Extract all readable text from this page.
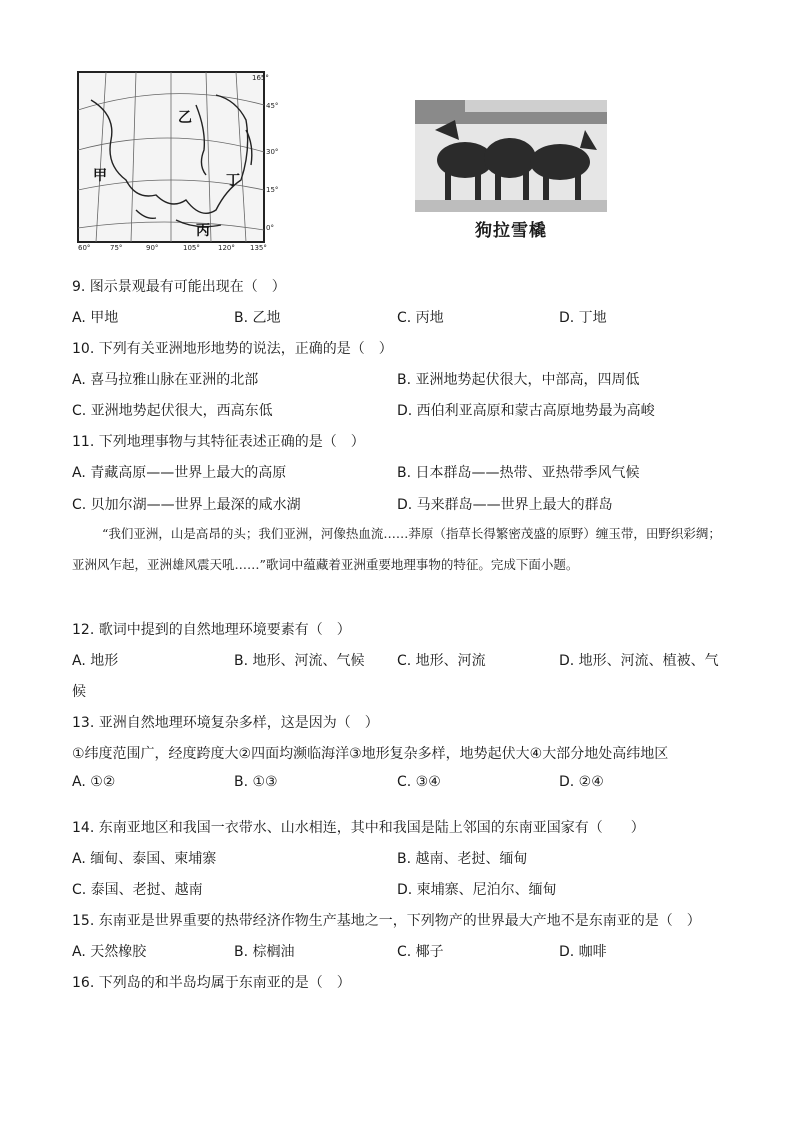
乙
甲
丙
丁
60°	75°	90°	105°	120° 135°
165°
45°
30°
15°
0°	狗拉雪橇
9. 图示景观最有可能出现在（　）
A. 甲地	B. 乙地	C. 丙地	D. 丁地
10. 下列有关亚洲地形地势的说法，正确的是（　）
A. 喜马拉雅山脉在亚洲的北部	B. 亚洲地势起伏很大，中部高，四周低
C. 亚洲地势起伏很大，西高东低	D. 西伯利亚高原和蒙古高原地势最为高峻
11. 下列地理事物与其特征表述正确的是（　）
A. 青藏高原——世界上最大的高原	B. 日本群岛——热带、亚热带季风气候
C. 贝加尔湖——世界上最深的咸水湖	D. 马来群岛——世界上最大的群岛
“我们亚洲，山是高昂的头；我们亚洲，河像热血流……莽原（指草长得繁密茂盛的原野）缠玉带，田野织彩绸；亚洲风乍起，亚洲雄风震天吼……”歌词中蕴藏着亚洲重要地理事物的特征。完成下面小题。
12. 歌词中提到的自然地理环境要素有（　）
A. 地形	B. 地形、河流、气候 C. 地形、河流	D. 地形、河流、植被、气
候
13. 亚洲自然地理环境复杂多样，这是因为（　）
①纬度范围广，经度跨度大②四面均濒临海洋③地形复杂多样，地势起伏大④大部分地处高纬地区
A. ①②	B. ①③	C. ③④	D. ②④
14. 东南亚地区和我国一衣带水、山水相连，其中和我国是陆上邻国的东南亚国家有（　　）
A. 缅甸、泰国、柬埔寨	B. 越南、老挝、缅甸
C. 泰国、老挝、越南	D. 柬埔寨、尼泊尔、缅甸
15. 东南亚是世界重要的热带经济作物生产基地之一，下列物产的世界最大产地不是东南亚的是（　）
A. 天然橡胶	B. 棕榈油	C. 椰子	D. 咖啡
16. 下列岛的和半岛均属于东南亚的是（　）
